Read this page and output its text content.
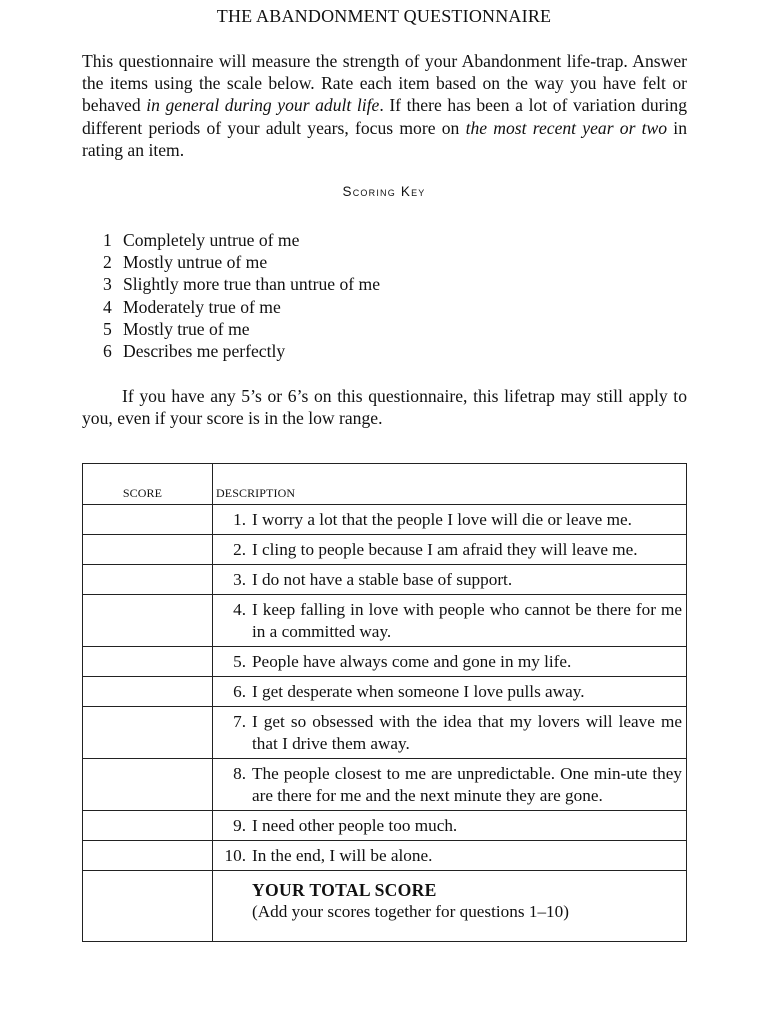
THE ABANDONMENT QUESTIONNAIRE

This questionnaire will measure the strength of your Abandonment life-trap. Answer the items using the scale below. Rate each item based on the way you have felt or behaved in general during your adult life. If there has been a lot of variation during different periods of your adult years, focus more on the most recent year or two in rating an item.

Scoring Key
1 Completely untrue of me
2 Mostly untrue of me
3 Slightly more true than untrue of me
4 Moderately true of me
5 Mostly true of me
6 Describes me perfectly

If you have any 5’s or 6’s on this questionnaire, this lifetrap may still apply to you, even if your score is in the low range.

SCORE	DESCRIPTION

	1. I worry a lot that the people I love will die or leave me.

	2. I cling to people because I am afraid they will leave me.

	3. I do not have a stable base of support.

	4. I keep falling in love with people who cannot be there for me in a committed way.

	5. People have always come and gone in my life.

	6. I get desperate when someone I love pulls away.

	7. I get so obsessed with the idea that my lovers will leave me that I drive them away.

	8. The people closest to me are unpredictable. One min-ute they are there for me and the next minute they are gone.

	9. I need other people too much.

	10. In the end, I will be alone.

	YOUR TOTAL SCORE
(Add your scores together for questions 1–10)
